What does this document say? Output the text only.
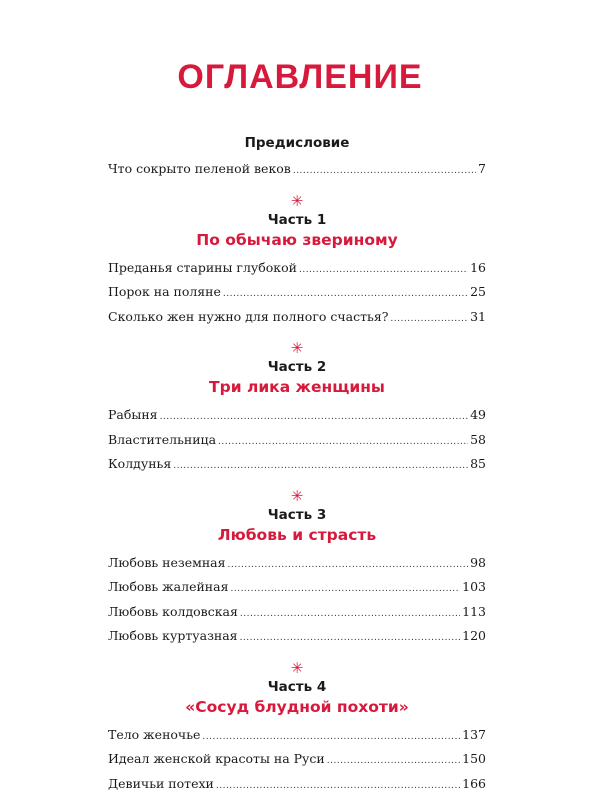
ОГЛАВЛЕНИЕ
Предисловие
Что сокрыто пеленой веков .....	7
✳
Часть 1
По обычаю звериному
Преданья старины глубокой .....	16
Порок на поляне .....	25
Сколько жен нужно для полного счастья? .....	31
✳
Часть 2
Три лика женщины
Рабыня .....	49
Властительница .....	58
Колдунья .....	85
✳
Часть 3
Любовь и страсть
Любовь неземная .....	98
Любовь жалейная .....	103
Любовь колдовская .....	113
Любовь куртуазная .....	120
✳
Часть 4
«Сосуд блудной похоти»
Тело женочье .....	137
Идеал женской красоты на Руси .....	150
Девичьи потехи .....	166
